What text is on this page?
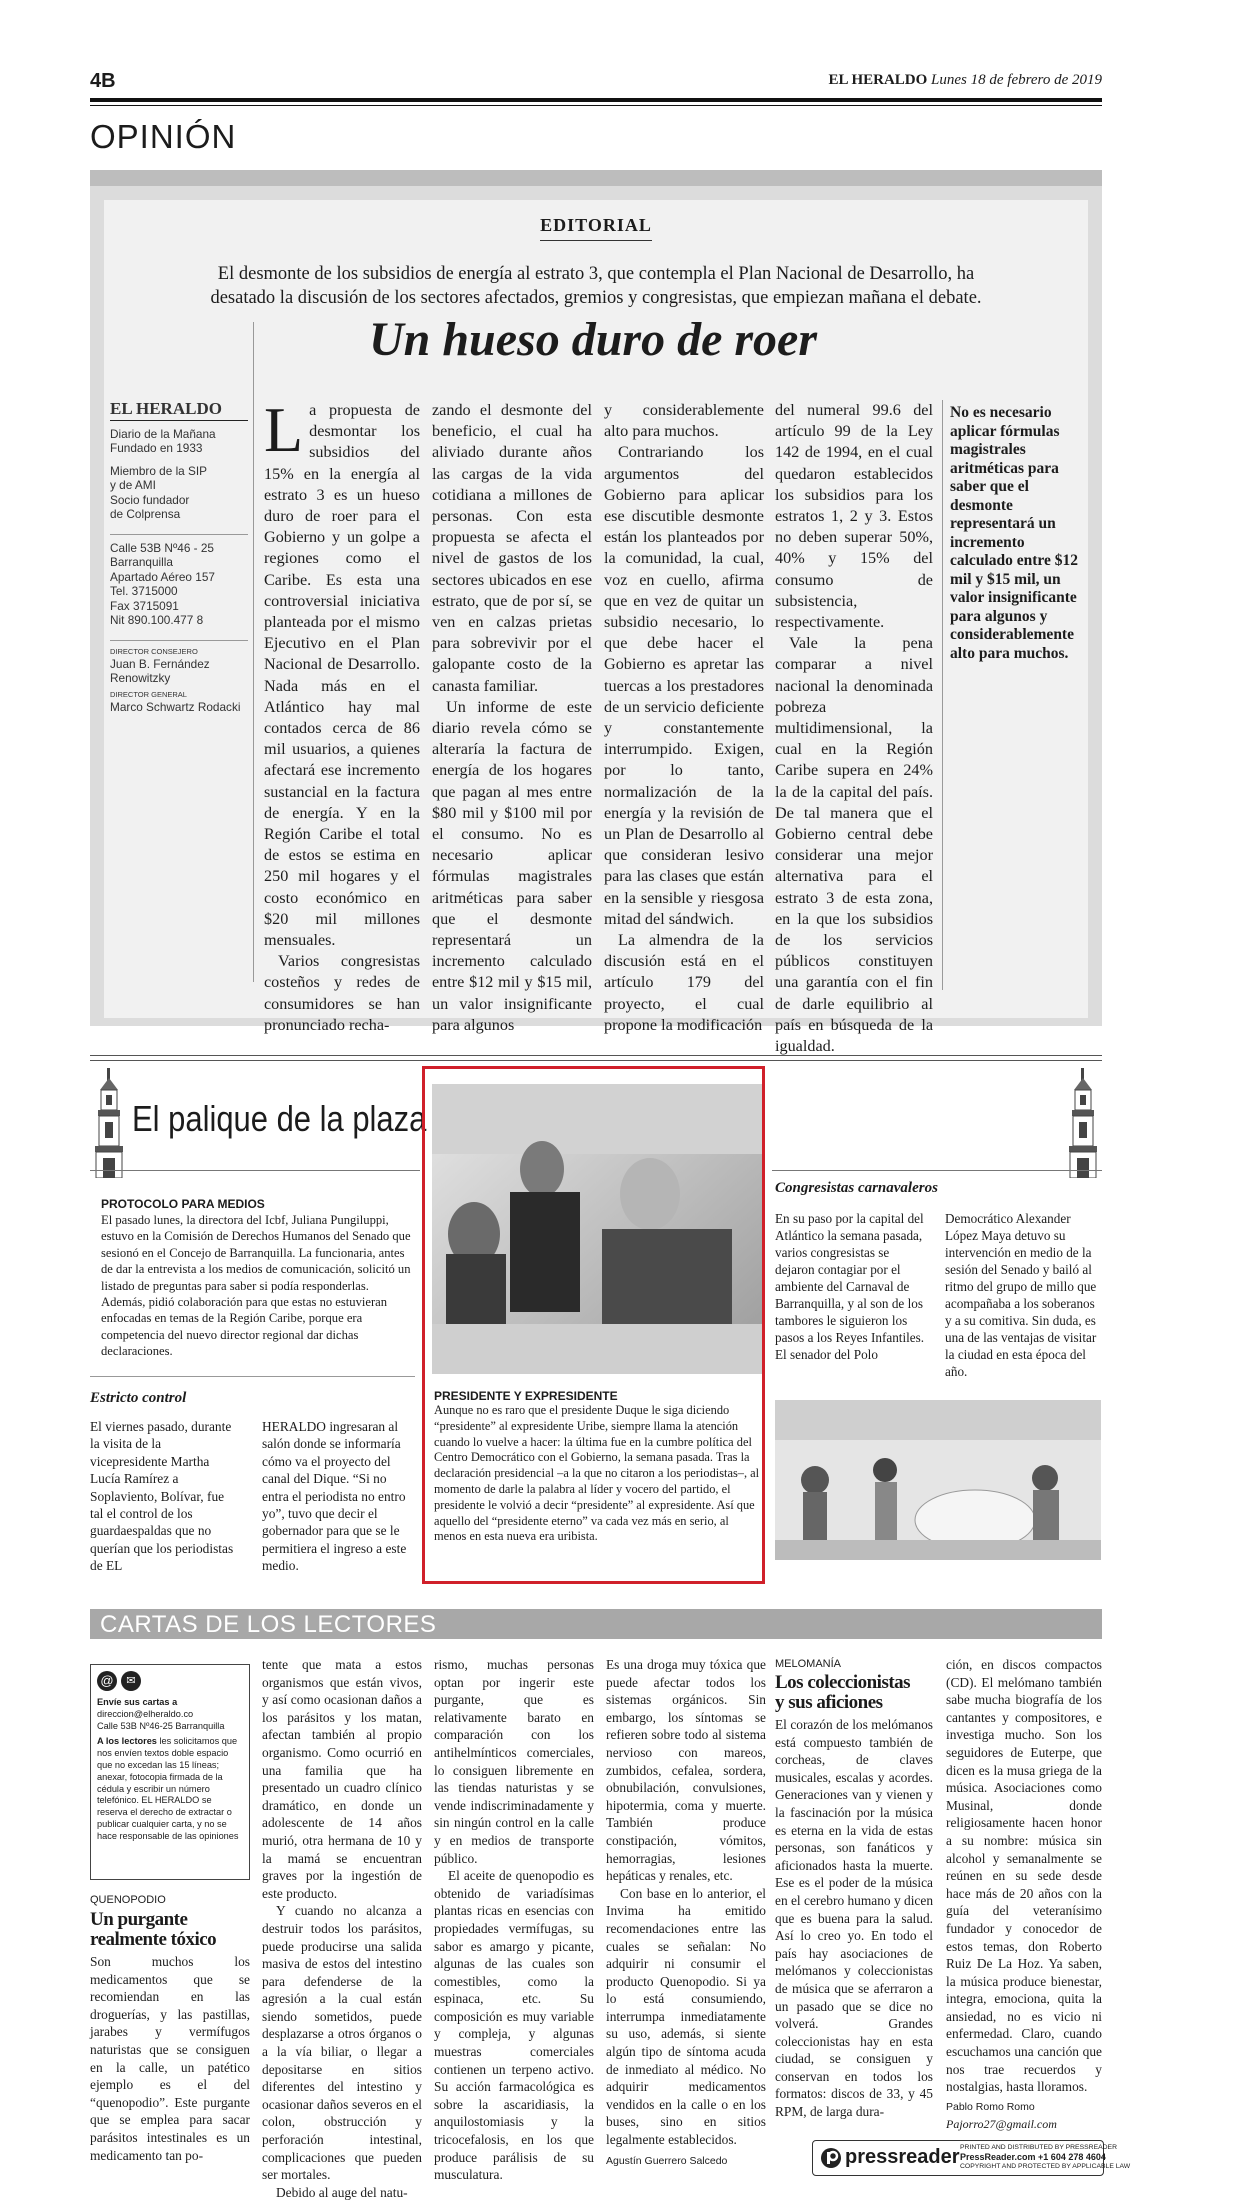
4B	EL HERALDO Lunes 18 de febrero de 2019
OPINIÓN
EDITORIAL
El desmonte de los subsidios de energía al estrato 3, que contempla el Plan Nacional de Desarrollo, ha
desatado la discusión de los sectores afectados, gremios y congresistas, que empiezan mañana el debate.
Un hueso duro de roer
EL HERALDO
Diario de la Mañana
Fundado en 1933
Miembro de la SIP
y de AMI
Socio fundador
de Colprensa
Calle 53B Nº46 - 25
Barranquilla
Apartado Aéreo 157
Tel. 3715000
Fax 3715091
Nit 890.100.477 8
DIRECTOR CONSEJERO
Juan B. Fernández
Renowitzky
DIRECTOR GENERAL
Marco Schwartz Rodacki
L a propuesta de desmontar los subsidios del 15% en la energía al estrato 3 es un hueso duro de roer para el Gobierno y un golpe a regiones como el Caribe. Es esta una controversial iniciativa planteada por el mismo Ejecutivo en el Plan Nacional de Desarrollo. Nada más en el Atlántico hay mal contados cerca de 86 mil usuarios, a quienes afectará ese incremento sustancial en la factura de energía. Y en la Región Caribe el total de estos se estima en 250 mil hogares y el costo económico en $20 mil millones mensuales.

Varios congresistas costeños y redes de consumidores se han pronunciado recha-

zando el desmonte del beneficio, el cual ha aliviado durante años las cargas de la vida cotidiana a millones de personas. Con esta propuesta se afecta el nivel de gastos de los sectores ubicados en ese estrato, que de por sí, se ven en calzas prietas para sobrevivir por el galopante costo de la canasta familiar.

Un informe de este diario revela cómo se alteraría la factura de energía de los hogares que pagan al mes entre $80 mil y $100 mil por el consumo. No es necesario aplicar fórmulas magistrales aritméticas para saber que el desmonte representará un incremento calculado entre $12 mil y $15 mil, un valor insignificante para algunos

y considerablemente alto para muchos.

Contrariando los argumentos del Gobierno para aplicar ese discutible desmonte están los planteados por la comunidad, la cual, voz en cuello, afirma que en vez de quitar un subsidio necesario, lo que debe hacer el Gobierno es apretar las tuercas a los prestadores de un servicio deficiente y constantemente interrumpido. Exigen, por lo tanto, normalización de la energía y la revisión de un Plan de Desarrollo al que consideran lesivo para las clases que están en la sensible y riesgosa mitad del sándwich.

La almendra de la discusión está en el artículo 179 del proyecto, el cual propone la modificación

del numeral 99.6 del artículo 99 de la Ley 142 de 1994, en el cual quedaron establecidos los subsidios para los estratos 1, 2 y 3. Estos no deben superar 50%, 40% y 15% del consumo de subsistencia, respectivamente.

Vale la pena comparar a nivel nacional la denominada pobreza multidimensional, la cual en la Región Caribe supera en 24% la de la capital del país. De tal manera que el Gobierno central debe considerar una mejor alternativa para el estrato 3 de esta zona, en la que los subsidios de los servicios públicos constituyen una garantía con el fin de darle equilibrio al país en búsqueda de la igualdad.

No es necesario aplicar fórmulas magistrales aritméticas para saber que el desmonte representará un incremento calculado entre $12 mil y $15 mil, un valor insignificante para algunos y considerablemente alto para muchos.
El palique de la plaza
PROTOCOLO PARA MEDIOS
El pasado lunes, la directora del Icbf, Juliana Pungiluppi, estuvo en la Comisión de Derechos Humanos del Senado que sesionó en el Concejo de Barranquilla. La funcionaria, antes de dar la entrevista a los medios de comunicación, solicitó un listado de preguntas para saber si podía responderlas. Además, pidió colaboración para que estas no estuvieran enfocadas en temas de la Región Caribe, porque era competencia del nuevo director regional dar dichas declaraciones.
Estricto control
El viernes pasado, durante la visita de la vicepresidente Martha Lucía Ramírez a Soplaviento, Bolívar, fue tal el control de los guardaespaldas que no querían que los periodistas de EL
HERALDO ingresaran al salón donde se informaría cómo va el proyecto del canal del Dique. “Si no entra el periodista no entro yo”, tuvo que decir el gobernador para que se le permitiera el ingreso a este medio.
PRESIDENTE Y EXPRESIDENTE
Aunque no es raro que el presidente Duque le siga diciendo “presidente” al expresidente Uribe, siempre llama la atención cuando lo vuelve a hacer: la última fue en la cumbre política del Centro Democrático con el Gobierno, la semana pasada. Tras la declaración presidencial –a la que no citaron a los periodistas–, al momento de darle la palabra al líder y vocero del partido, el presidente le volvió a decir “presidente” al expresidente. Así que aquello del “presidente eterno” va cada vez más en serio, al menos en esta nueva era uribista.
Congresistas carnavaleros
En su paso por la capital del Atlántico la semana pasada, varios congresistas se dejaron contagiar por el ambiente del Carnaval de Barranquilla, y al son de los tambores le siguieron los pasos a los Reyes Infantiles. El senador del Polo
Democrático Alexander López Maya detuvo su intervención en medio de la sesión del Senado y bailó al ritmo del grupo de millo que acompañaba a los soberanos y a su comitiva. Sin duda, es una de las ventajas de visitar la ciudad en esta época del año.
CARTAS DE LOS LECTORES
@	✉
Envíe sus cartas a
direccion@elheraldo.co
Calle 53B Nº46-25 Barranquilla
A los lectores les solicitamos que nos envíen textos doble espacio que no excedan las 15 líneas; anexar, fotocopia firmada de la cédula y escribir un número telefónico. EL HERALDO se reserva el derecho de extractar o publicar cualquier carta, y no se hace responsable de las opiniones
QUENOPODIO
Un purgante
realmente tóxico

Son muchos los medicamentos que se recomiendan en las droguerías, y las pastillas, jarabes y vermífugos naturistas que se consiguen en la calle, un patético ejemplo es el del “quenopodio”. Este purgante que se emplea para sacar parásitos intestinales es un medicamento tan po-

tente que mata a estos organismos que están vivos, y así como ocasionan daños a los parásitos y los matan, afectan también al propio organismo. Como ocurrió en una familia que ha presentado un cuadro clínico dramático, en donde un adolescente de 14 años murió, otra hermana de 10 y la mamá se encuentran graves por la ingestión de este producto.

Y cuando no alcanza a destruir todos los parásitos, puede producirse una salida masiva de estos del intestino para defenderse de la agresión a la cual están siendo sometidos, puede desplazarse a otros órganos o a la vía biliar, o llegar a depositarse en sitios diferentes del intestino y ocasionar daños severos en el colon, obstrucción y perforación intestinal, complicaciones que pueden ser mortales.

Debido al auge del natu-

rismo, muchas personas optan por ingerir este purgante, que es relativamente barato en comparación con los antihelmínticos comerciales, lo consiguen libremente en las tiendas naturistas y se vende indiscriminadamente y sin ningún control en la calle y en medios de transporte público.

El aceite de quenopodio es obtenido de variadísimas plantas ricas en esencias con propiedades vermífugas, su sabor es amargo y picante, algunas de las cuales son comestibles, como la espinaca, etc. Su composición es muy variable y compleja, y algunas muestras comerciales contienen un terpeno activo. Su acción farmacológica es sobre la ascaridiasis, la anquilostomiasis y la tricocefalosis, en los que produce parálisis de su musculatura.

Es una droga muy tóxica que puede afectar todos los sistemas orgánicos. Sin embargo, los síntomas se refieren sobre todo al sistema nervioso con mareos, zumbidos, cefalea, sordera, obnubilación, convulsiones, hipotermia, coma y muerte. También produce constipación, vómitos, hemorragias, lesiones hepáticas y renales, etc.

Con base en lo anterior, el Invima ha emitido recomendaciones entre las cuales se señalan: No adquirir ni consumir el producto Quenopodio. Si ya lo está consumiendo, interrumpa inmediatamente su uso, además, si siente algún tipo de síntoma acuda de inmediato al médico. No adquirir medicamentos vendidos en la calle o en los buses, sino en sitios legalmente establecidos.

Agustín Guerrero Salcedo
MELOMANÍA
Los coleccionistas
y sus aficiones

El corazón de los melómanos está compuesto también de corcheas, de claves musicales, escalas y acordes. Generaciones van y vienen y la fascinación por la música es eterna en la vida de estas personas, son fanáticos y aficionados hasta la muerte. Ese es el poder de la música en el cerebro humano y dicen que es buena para la salud. Así lo creo yo. En todo el país hay asociaciones de melómanos y coleccionistas de música que se aferraron a un pasado que se dice no volverá. Grandes coleccionistas hay en esta ciudad, se consiguen y conservan en todos los formatos: discos de 33, y 45 RPM, de larga dura-

ción, en discos compactos (CD). El melómano también sabe mucha biografía de los cantantes y compositores, e investiga mucho. Son los seguidores de Euterpe, que dicen es la musa griega de la música. Asociaciones como Musinal, donde religiosamente hacen honor a su nombre: música sin alcohol y semanalmente se reúnen en su sede desde hace más de 20 años con la guía del veteranísimo fundador y conocedor de estos temas, don Roberto Ruiz De La Hoz. Ya saben, la música produce bienestar, integra, emociona, quita la ansiedad, no es vicio ni enfermedad. Claro, cuando escuchamos una canción que nos trae recuerdos y nostalgias, hasta lloramos.

Pablo Romo Romo
Pajorro27@gmail.com
pressreader PRINTED AND DISTRIBUTED BY PRESSREADER
PressReader.com +1 604 278 4604
COPYRIGHT AND PROTECTED BY APPLICABLE LAW
